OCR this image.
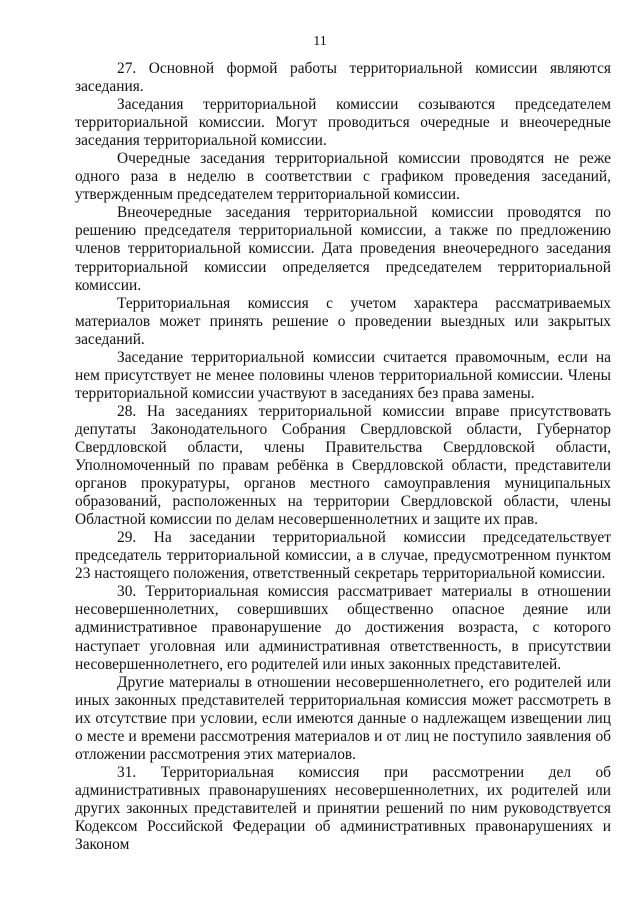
11

27. Основной формой работы территориальной комиссии являются заседания.

Заседания территориальной комиссии созываются председателем территориальной комиссии. Могут проводиться очередные и внеочередные заседания территориальной комиссии.

Очередные заседания территориальной комиссии проводятся не реже одного раза в неделю в соответствии с графиком проведения заседаний, утвержденным председателем территориальной комиссии.

Внеочередные заседания территориальной комиссии проводятся по решению председателя территориальной комиссии, а также по предложению членов территориальной комиссии. Дата проведения внеочередного заседания территориальной комиссии определяется председателем территориальной комиссии.

Территориальная комиссия с учетом характера рассматриваемых материалов может принять решение о проведении выездных или закрытых заседаний.

Заседание территориальной комиссии считается правомочным, если на нем присутствует не менее половины членов территориальной комиссии. Члены территориальной комиссии участвуют в заседаниях без права замены.

28. На заседаниях территориальной комиссии вправе присутствовать депутаты Законодательного Собрания Свердловской области, Губернатор Свердловской области, члены Правительства Свердловской области, Уполномоченный по правам ребёнка в Свердловской области, представители органов прокуратуры, органов местного самоуправления муниципальных образований, расположенных на территории Свердловской области, члены Областной комиссии по делам несовершеннолетних и защите их прав.

29. На заседании территориальной комиссии председательствует председатель территориальной комиссии, а в случае, предусмотренном пунктом 23 настоящего положения, ответственный секретарь территориальной комиссии.

30. Территориальная комиссия рассматривает материалы в отношении несовершеннолетних, совершивших общественно опасное деяние или административное правонарушение до достижения возраста, с которого наступает уголовная или административная ответственность, в присутствии несовершеннолетнего, его родителей или иных законных представителей.

Другие материалы в отношении несовершеннолетнего, его родителей или иных законных представителей территориальная комиссия может рассмотреть в их отсутствие при условии, если имеются данные о надлежащем извещении лиц о месте и времени рассмотрения материалов и от лиц не поступило заявления об отложении рассмотрения этих материалов.

31. Территориальная комиссия при рассмотрении дел об административных правонарушениях несовершеннолетних, их родителей или других законных представителей и принятии решений по ним руководствуется Кодексом Российской Федерации об административных правонарушениях и Законом
